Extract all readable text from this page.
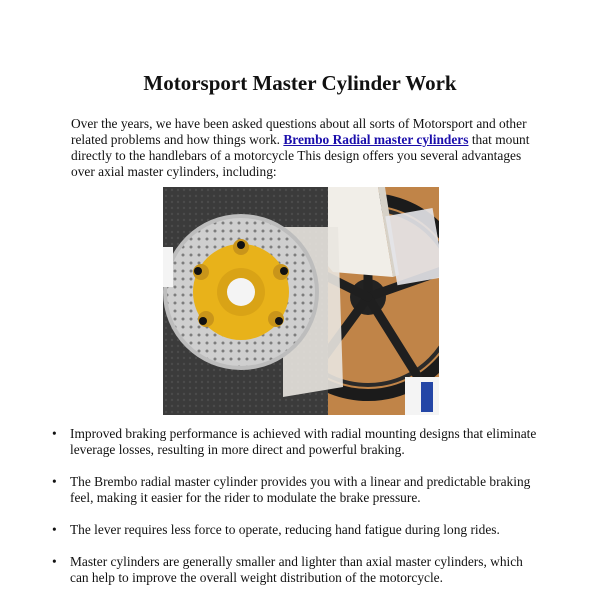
Motorsport Master Cylinder Work

Over the years, we have been asked questions about all sorts of Motorsport and other related problems and how things work. Brembo Radial master cylinders that mount directly to the handlebars of a motorcycle This design offers you several advantages over axial master cylinders, including:

• Improved braking performance is achieved with radial mounting designs that eliminate leverage losses, resulting in more direct and powerful braking.
• The Brembo radial master cylinder provides you with a linear and predictable braking feel, making it easier for the rider to modulate the brake pressure.
• The lever requires less force to operate, reducing hand fatigue during long rides.
• Master cylinders are generally smaller and lighter than axial master cylinders, which can help to improve the overall weight distribution of the motorcycle.
